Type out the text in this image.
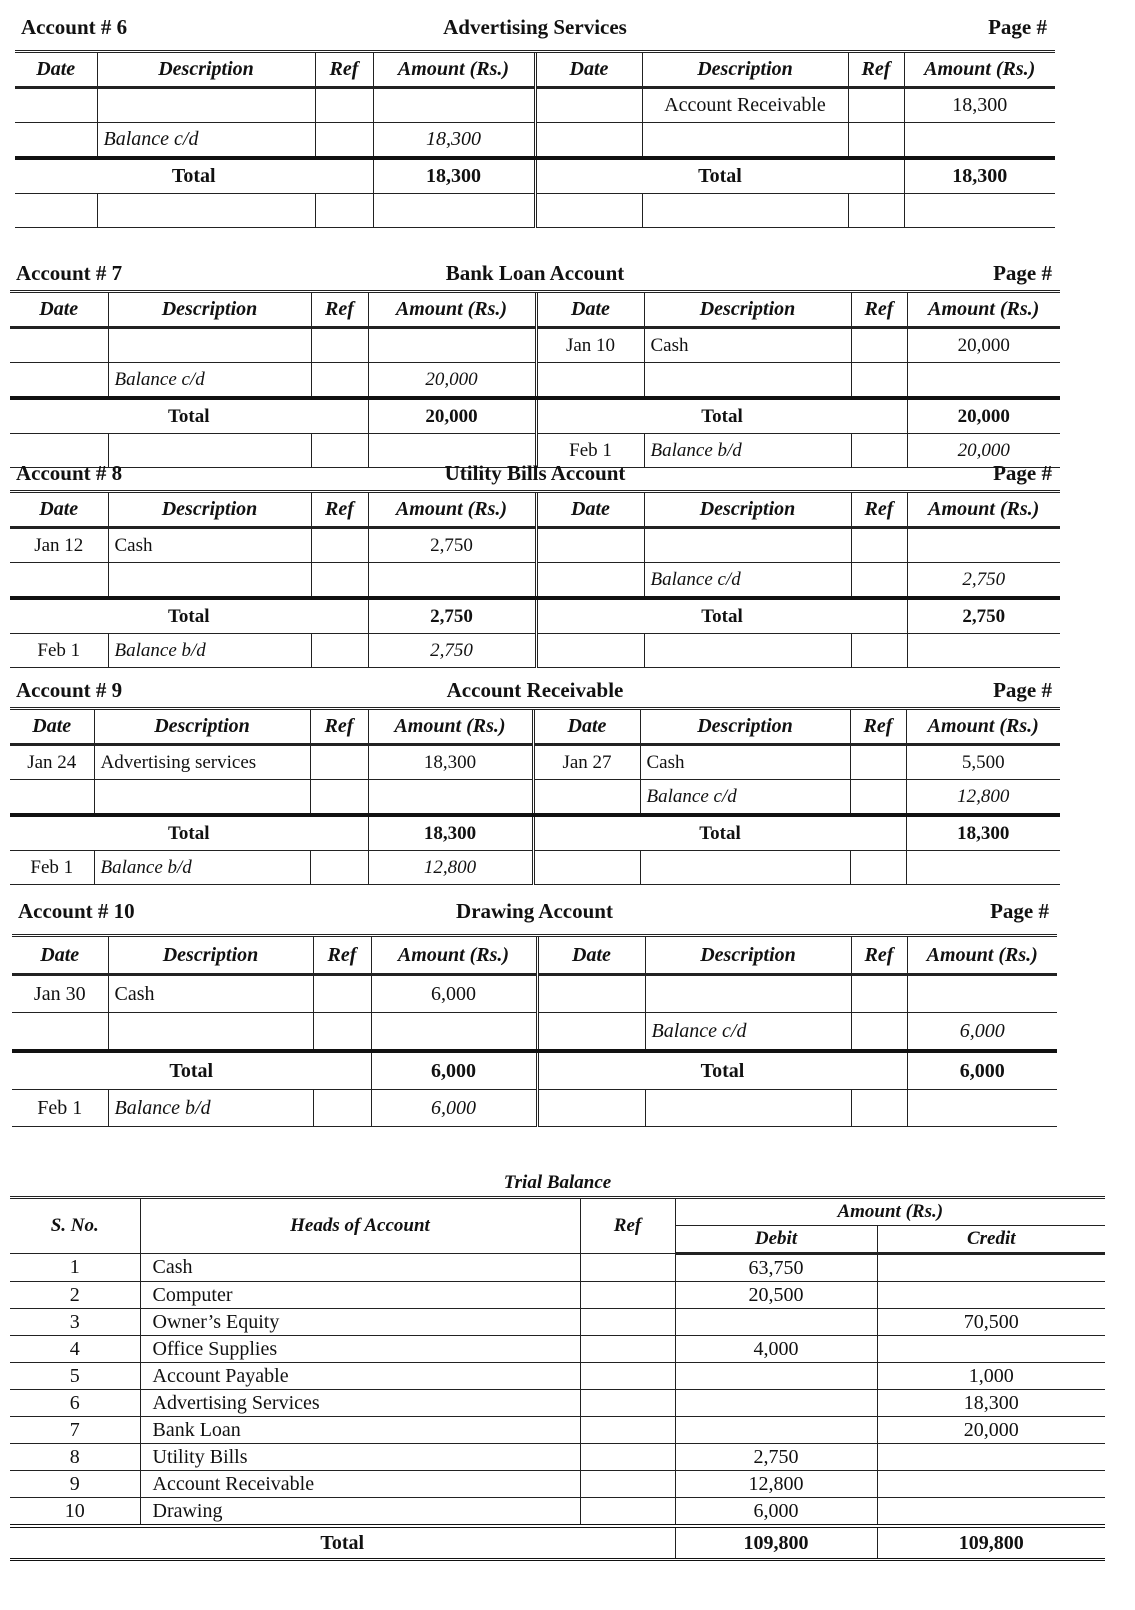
Account # 6	Advertising Services	Page #
Date	Description	Ref	Amount (Rs.)	Date	Description	Ref	Amount (Rs.)
					Account Receivable		18,300
	Balance c/d		18,300				
Total			18,300	Total			18,300

Account # 7	Bank Loan Account	Page #
Date	Description	Ref	Amount (Rs.)	Date	Description	Ref	Amount (Rs.)
				Jan 10	Cash		20,000
	Balance c/d		20,000				
Total			20,000	Total			20,000
				Feb 1	Balance b/d		20,000
Account # 8	Utility Bills Account	Page #
Date	Description	Ref	Amount (Rs.)	Date	Description	Ref	Amount (Rs.)
Jan 12	Cash		2,750				
					Balance c/d		2,750
Total			2,750	Total			2,750
Feb 1	Balance b/d		2,750				
Account # 9	Account Receivable	Page #
Date	Description	Ref	Amount (Rs.)	Date	Description	Ref	Amount (Rs.)
Jan 24	Advertising services		18,300	Jan 27	Cash		5,500
					Balance c/d		12,800
Total			18,300	Total			18,300
Feb 1	Balance b/d		12,800				
Account # 10	Drawing Account	Page #
Date	Description	Ref	Amount (Rs.)	Date	Description	Ref	Amount (Rs.)
Jan 30	Cash		6,000				
					Balance c/d		6,000
Total			6,000	Total			6,000
Feb 1	Balance b/d		6,000				
Trial Balance
S. No.	Heads of Account	Ref	Amount (Rs.)	
			Debit	Credit
1	Cash		63,750	
2	Computer		20,500	
3	Owner’s Equity			70,500
4	Office Supplies		4,000	
5	Account Payable			1,000
6	Advertising Services			18,300
7	Bank Loan			20,000
8	Utility Bills		2,750	
9	Account Receivable		12,800	
10	Drawing		6,000	
Total			109,800	109,800
